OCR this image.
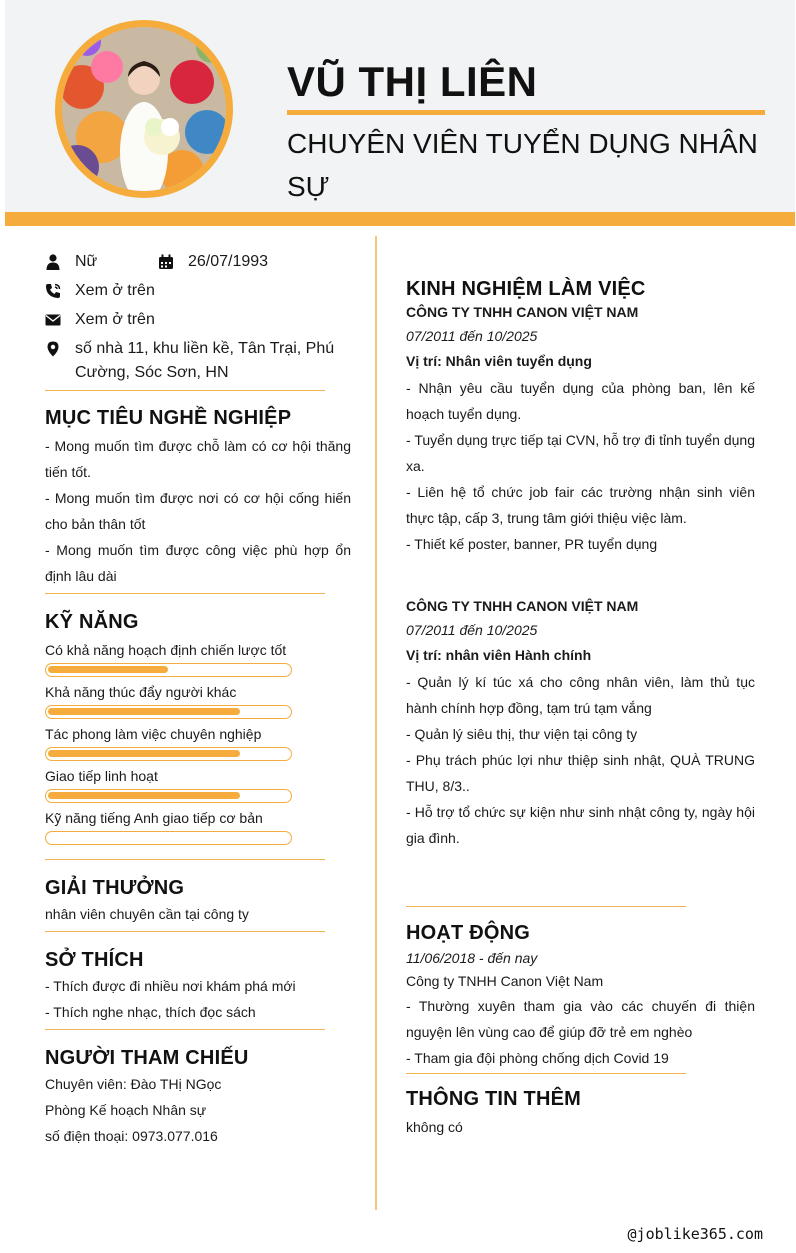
VŨ THỊ LIÊN
CHUYÊN VIÊN TUYỂN DỤNG NHÂN SỰ
Nữ	26/07/1993
Xem ở trên
Xem ở trên
số nhà 11, khu liền kề, Tân Trại, Phú Cường, Sóc Sơn, HN
MỤC TIÊU NGHỀ NGHIỆP
- Mong muốn tìm được chỗ làm có cơ hội thăng tiến tốt.
- Mong muốn tìm được nơi có cơ hội cống hiến cho bản thân tốt
- Mong muốn tìm được công việc phù hợp ổn định lâu dài
KỸ NĂNG
Có khả năng hoạch định chiến lược tốt
Khả năng thúc đẩy người khác
Tác phong làm việc chuyên nghiệp
Giao tiếp linh hoạt
Kỹ năng tiếng Anh giao tiếp cơ bản
GIẢI THƯỞNG
nhân viên chuyên cần tại công ty
SỞ THÍCH
- Thích được đi nhiều nơi khám phá mới
- Thích nghe nhạc, thích đọc sách
NGƯỜI THAM CHIẾU
Chuyên viên: Đào THị NGọc
Phòng Kế hoạch Nhân sự
số điện thoại: 0973.077.016
KINH NGHIỆM LÀM VIỆC
CÔNG TY TNHH CANON VIỆT NAM
07/2011 đến 10/2025
Vị trí: Nhân viên tuyển dụng
- Nhận yêu cầu tuyển dụng của phòng ban, lên kế hoạch tuyển dụng.
- Tuyển dụng trực tiếp tại CVN, hỗ trợ đi tỉnh tuyển dụng xa.
- Liên hệ tổ chức job fair các trường nhận sinh viên thực tập, cấp 3, trung tâm giới thiệu việc làm.
- Thiết kế poster, banner, PR tuyển dụng
CÔNG TY TNHH CANON VIỆT NAM
07/2011 đến 10/2025
Vị trí: nhân viên Hành chính
- Quản lý kí túc xá cho công nhân viên, làm thủ tục hành chính hợp đồng, tạm trú tạm vắng
- Quản lý siêu thị, thư viện tại công ty
- Phụ trách phúc lợi như thiệp sinh nhật, QUÀ TRUNG THU, 8/3..
- Hỗ trợ tổ chức sự kiện như sinh nhật công ty, ngày hội gia đình.
HOẠT ĐỘNG
11/06/2018 - đến nay
Công ty TNHH Canon Việt Nam
- Thường xuyên tham gia vào các chuyến đi thiện nguyện lên vùng cao để giúp đỡ trẻ em nghèo
- Tham gia đội phòng chống dịch Covid 19
THÔNG TIN THÊM
không có
@joblike365.com
